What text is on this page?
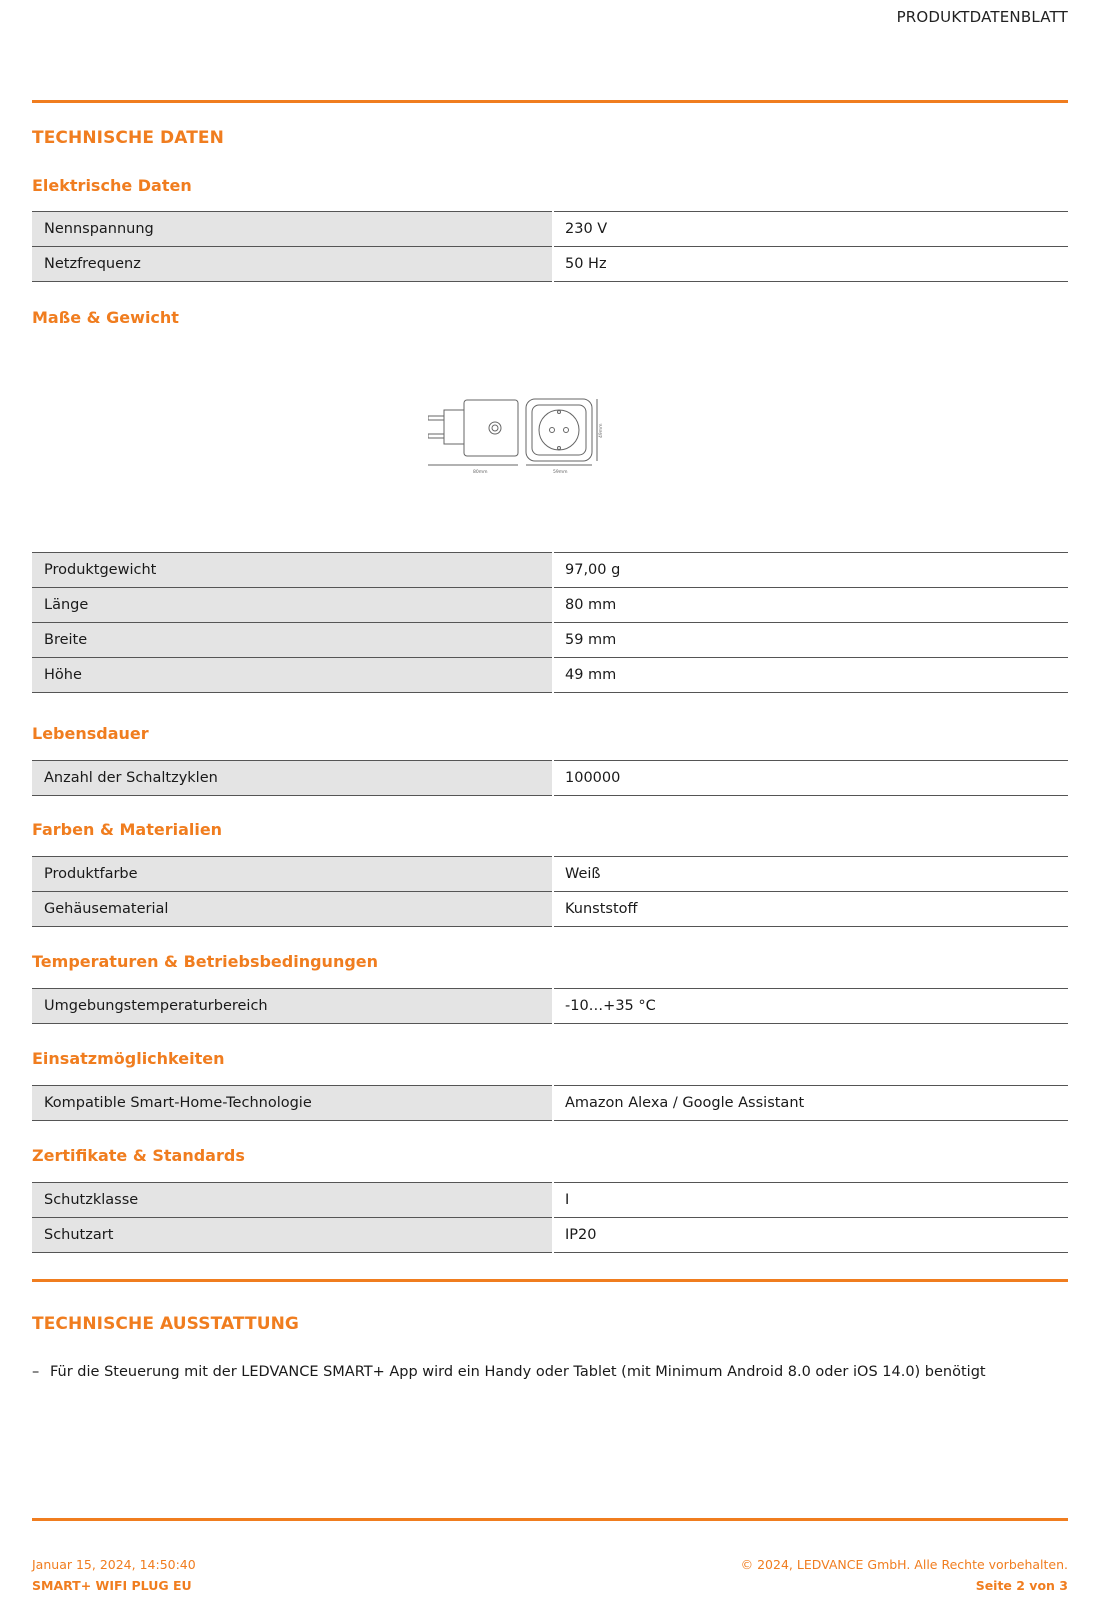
PRODUKTDATENBLATT
TECHNISCHE DATEN
Elektrische Daten
Nennspannung	230 V
Netzfrequenz	50 Hz
Maße & Gewicht
80mm	59mm
49mm
Produktgewicht	97,00 g
Länge	80 mm
Breite	59 mm
Höhe	49 mm
Lebensdauer
Anzahl der Schaltzyklen	100000
Farben & Materialien
Produktfarbe	Weiß
Gehäusematerial	Kunststoff
Temperaturen & Betriebsbedingungen
Umgebungstemperaturbereich	-10…+35 °C
Einsatzmöglichkeiten
Kompatible Smart-Home-Technologie	Amazon Alexa / Google Assistant
Zertifikate & Standards
Schutzklasse	I
Schutzart	IP20
TECHNISCHE AUSSTATTUNG
– Für die Steuerung mit der LEDVANCE SMART+ App wird ein Handy oder Tablet (mit Minimum Android 8.0 oder iOS 14.0) benötigt
Januar 15, 2024, 14:50:40
SMART+ WIFI PLUG EU
© 2024, LEDVANCE GmbH. Alle Rechte vorbehalten.
Seite 2 von 3
